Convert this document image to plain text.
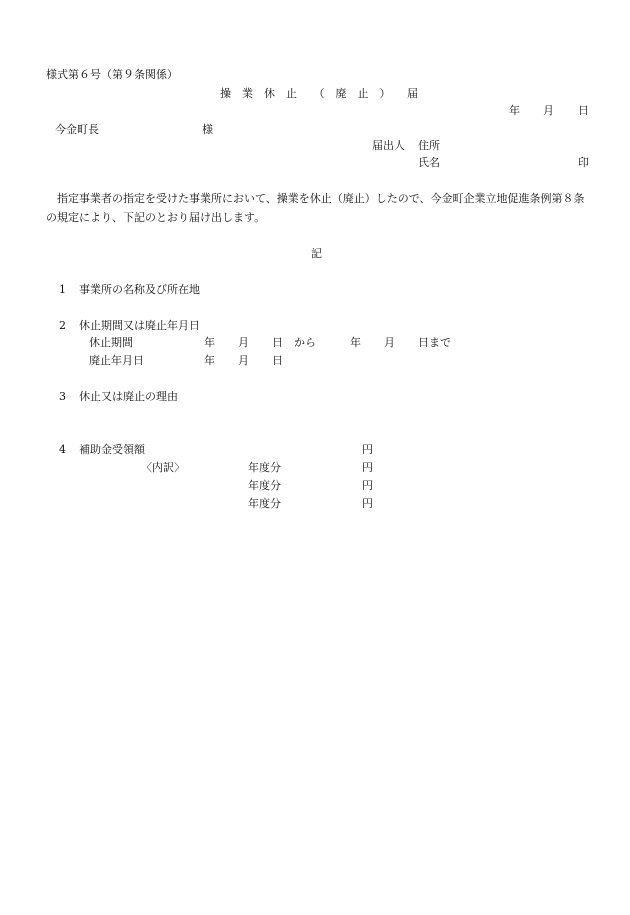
様式第６号（第９条関係）
操　業　休　止　　（　廃　止　）　　届
年 月 日
今金町長	様
届出人 住所
氏名	印
指定事業者の指定を受けた事業所において、操業を休止（廃止）したので、今金町企業立地促進条例第８条の規定により、下記のとおり届け出します。
記
1 事業所の名称及び所在地
2 休止期間又は廃止年月日
休止期間	年 月 日 から	年 月 日まで
廃止年月日	年 月 日
3 休止又は廃止の理由
4 補助金受領額	円
〈内訳〉	年度分	円
年度分	円
年度分	円
